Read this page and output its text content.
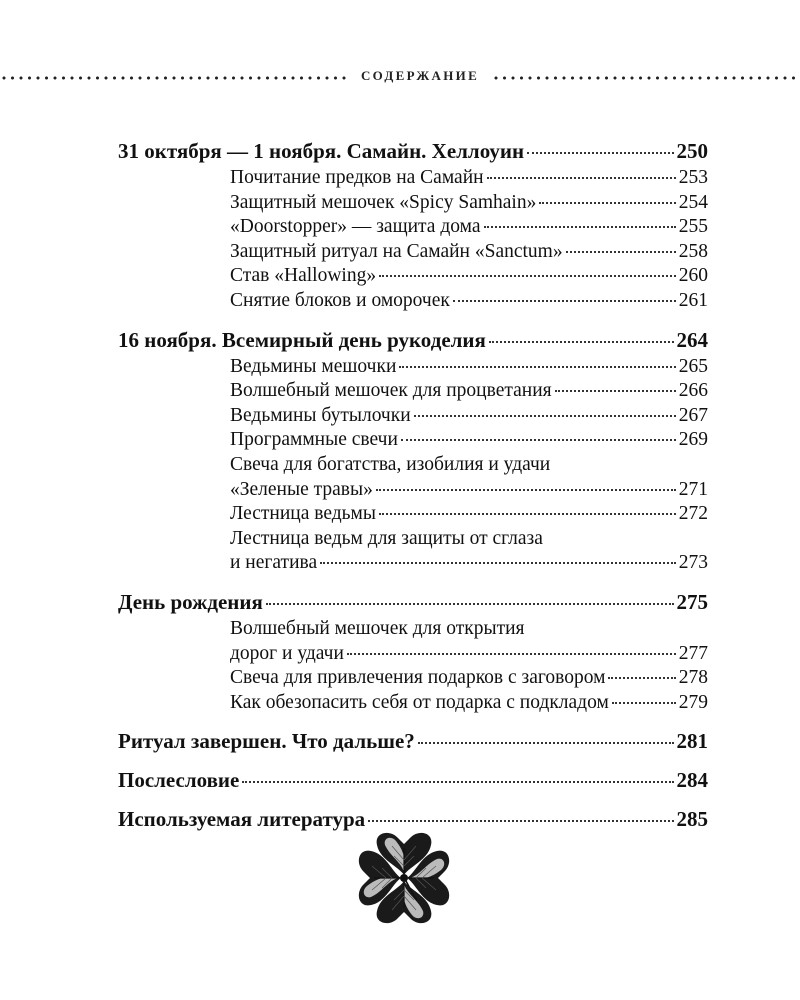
СОДЕРЖАНИЕ
31 октября — 1 ноября. Самайн. Хеллоуин	250
Почитание предков на Самайн	253
Защитный мешочек «Spicy Samhain»	254
«Doorstopper» — защита дома	255
Защитный ритуал на Самайн «Sanctum»	258
Став «Hallowing»	260
Снятие блоков и оморочек	261
16 ноября. Всемирный день рукоделия	264
Ведьмины мешочки	265
Волшебный мешочек для процветания	266
Ведьмины бутылочки	267
Программные свечи	269
Свеча для богатства, изобилия и удачи
«Зеленые травы»	271
Лестница ведьмы	272
Лестница ведьм для защиты от сглаза
и негатива	273
День рождения	275
Волшебный мешочек для открытия
дорог и удачи	277
Свеча для привлечения подарков с заговором	278
Как обезопасить себя от подарка с подкладом	279
Ритуал завершен. Что дальше?	281
Послесловие	284
Используемая литература	285
